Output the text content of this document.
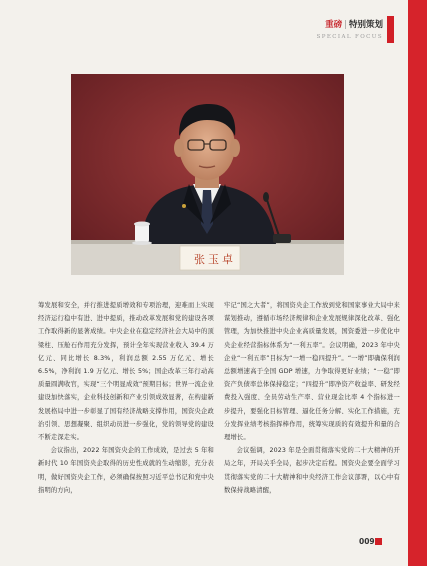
重磅 | 特别策划
SPECIAL FOCUS
张玉卓

筹发展和安全，并行推进提质增效和专项治理，迎难而上实现经济运行稳中有进、进中提质，推动改革发展和党的建设各项工作取得新的显著成绩。中央企业在稳定经济社会大局中的顶梁柱、压舱石作用充分发挥，预计全年实现营业收入 39.4 万亿元、同比增长 8.3%，利润总额 2.55 万亿元、增长 6.5%，净利润 1.9 万亿元、增长 5%；国企改革三年行动高质量圆满收官，实现“三个明显成效”预期目标；世界一流企业建设加快落实，企业科技创新和产业引领成效显著，在构建新发展格局中进一步彰显了国有经济战略支撑作用，国资央企政治引领、思想凝聚、组织动员进一步强化，党的领导党的建设不断走深走实。

会议指出，2022 年国资央企的工作成效，是过去 5 年和新时代 10 年国资央企取得的历史性成就的生动缩影，充分表明，做好国资央企工作，必须确保按照习近平总书记和党中央指明的方向，

牢记“国之大者”，将国资央企工作放到党和国家事业大局中来谋划推动，遵循市场经济规律和企业发展规律深化改革、强化管理，为加快推进中央企业高质量发展，国资委进一步优化中央企业经营指标体系为“一利五率”。会议明确，2023 年中央企业“一利五率”目标为“一增一稳四提升”。“一增”即确保利润总额增速高于全国 GDP 增速，力争取得更好业绩；“一稳”即资产负债率总体保持稳定；“四提升”即净资产收益率、研发经费投入强度、全员劳动生产率、营业现金比率 4 个指标进一步提升，要强化目标管理、逼化任务分解、实化工作措施，充分发挥业绩考核指挥棒作用，统筹实现质的有效提升和量的合理增长。

会议强调，2023 年是全面贯彻落实党的二十大精神的开局之年，开局关乎全局，起步决定后程。国资央企要全面学习贯彻落实党的二十大精神和中央经济工作会议部署，以心中有数保持战略清醒，

009
